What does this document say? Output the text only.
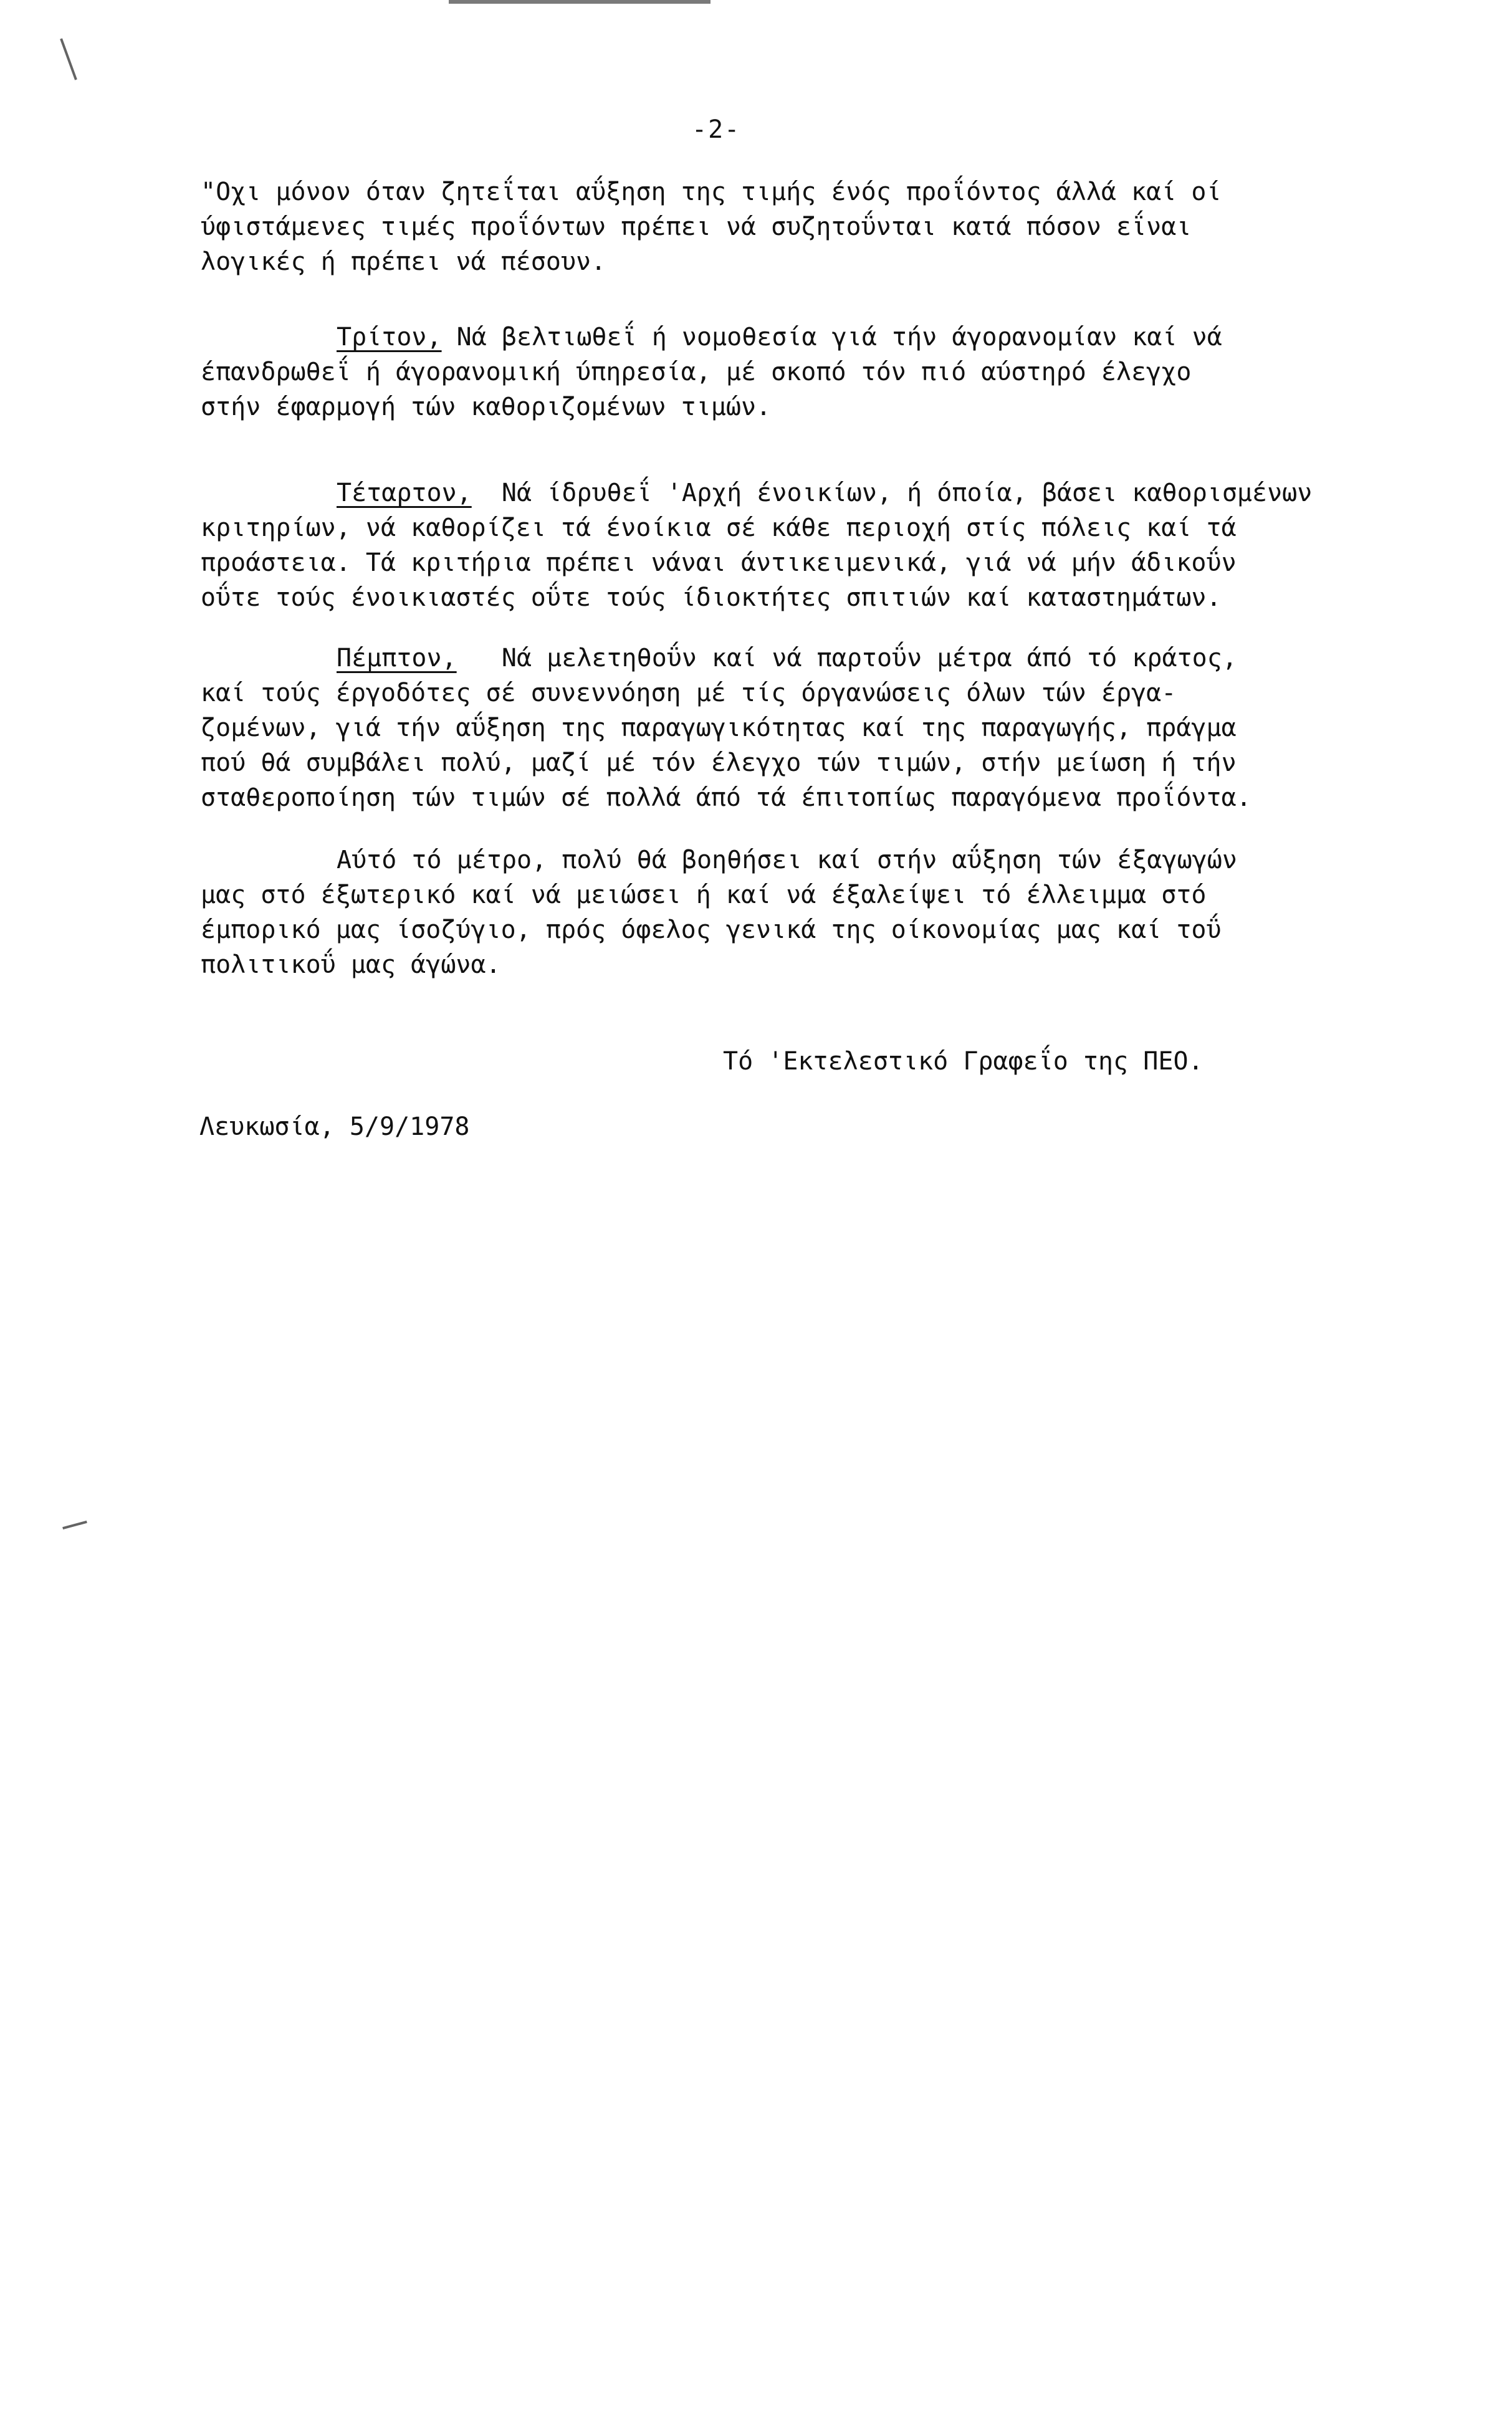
-2-
"Οχι μόνον όταν ζητεΐται αΰξηση της τιμής ένός προΐόντος άλλά καί οί
ύφιστάμενες τιμές προΐόντων πρέπει νά συζητοΰνται κατά πόσον εΐναι
λογικές ή πρέπει νά πέσουν.
Τρίτον, Νά βελτιωθεΐ ή νομοθεσία γιά τήν άγορανομίαν καί νά
έπανδρωθεΐ ή άγορανομική ύπηρεσία, μέ σκοπό τόν πιό αύστηρό έλεγχο
στήν έφαρμογή τών καθοριζομένων τιμών.
Τέταρτον,  Νά ίδρυθεΐ 'Αρχή ένοικίων, ή όποία, βάσει καθορισμένων
κριτηρίων, νά καθορίζει τά ένοίκια σέ κάθε περιοχή στίς πόλεις καί τά
προάστεια. Τά κριτήρια πρέπει νάναι άντικειμενικά, γιά νά μήν άδικοΰν
οΰτε τούς ένοικιαστές οΰτε τούς ίδιοκτήτες σπιτιών καί καταστημάτων.
Πέμπτον,   Νά μελετηθοΰν καί νά παρτοΰν μέτρα άπό τό κράτος,
καί τούς έργοδότες σέ συνεννόηση μέ τίς όργανώσεις όλων τών έργα-
ζομένων, γιά τήν αΰξηση της παραγωγικότητας καί της παραγωγής, πράγμα
πού θά συμβάλει πολύ, μαζί μέ τόν έλεγχο τών τιμών, στήν μείωση ή τήν
σταθεροποίηση τών τιμών σέ πολλά άπό τά έπιτοπίως παραγόμενα προΐόντα.
Αύτό τό μέτρο, πολύ θά βοηθήσει καί στήν αΰξηση τών έξαγωγών
μας στό έξωτερικό καί νά μειώσει ή καί νά έξαλείψει τό έλλειμμα στό
έμπορικό μας ίσοζύγιο, πρός όφελος γενικά της οίκονομίας μας καί τοΰ
πολιτικοΰ μας άγώνα.
Τό 'Εκτελεστικό Γραφεΐο της ΠΕΟ.
Λευκωσία, 5/9/1978
